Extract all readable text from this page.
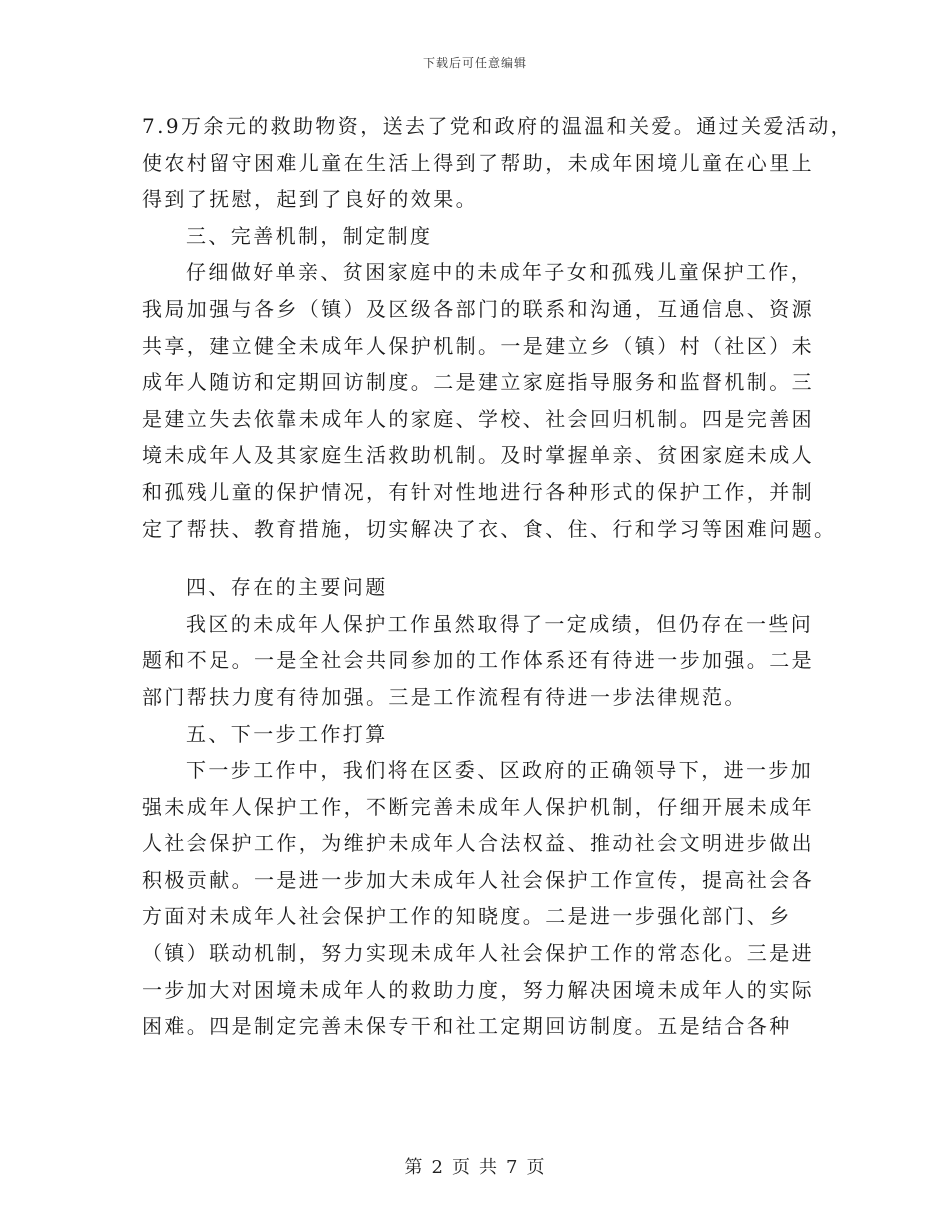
下载后可任意编辑
7.9万余元的救助物资，送去了党和政府的温温和关爱。通过关爱活动，
使农村留守困难儿童在生活上得到了帮助，未成年困境儿童在心里上
得到了抚慰，起到了良好的效果。
三、完善机制，制定制度
仔细做好单亲、贫困家庭中的未成年子女和孤残儿童保护工作，
我局加强与各乡（镇）及区级各部门的联系和沟通，互通信息、资源
共享，建立健全未成年人保护机制。一是建立乡（镇）村（社区）未
成年人随访和定期回访制度。二是建立家庭指导服务和监督机制。三
是建立失去依靠未成年人的家庭、学校、社会回归机制。四是完善困
境未成年人及其家庭生活救助机制。及时掌握单亲、贫困家庭未成人
和孤残儿童的保护情况，有针对性地进行各种形式的保护工作，并制
定了帮扶、教育措施，切实解决了衣、食、住、行和学习等困难问题。
四、存在的主要问题
我区的未成年人保护工作虽然取得了一定成绩，但仍存在一些问
题和不足。一是全社会共同参加的工作体系还有待进一步加强。二是
部门帮扶力度有待加强。三是工作流程有待进一步法律规范。
五、下一步工作打算
下一步工作中，我们将在区委、区政府的正确领导下，进一步加
强未成年人保护工作，不断完善未成年人保护机制，仔细开展未成年
人社会保护工作，为维护未成年人合法权益、推动社会文明进步做出
积极贡献。一是进一步加大未成年人社会保护工作宣传，提高社会各
方面对未成年人社会保护工作的知晓度。二是进一步强化部门、乡
（镇）联动机制，努力实现未成年人社会保护工作的常态化。三是进
一步加大对困境未成年人的救助力度，努力解决困境未成年人的实际
困难。四是制定完善未保专干和社工定期回访制度。五是结合各种
第 2 页 共 7 页
